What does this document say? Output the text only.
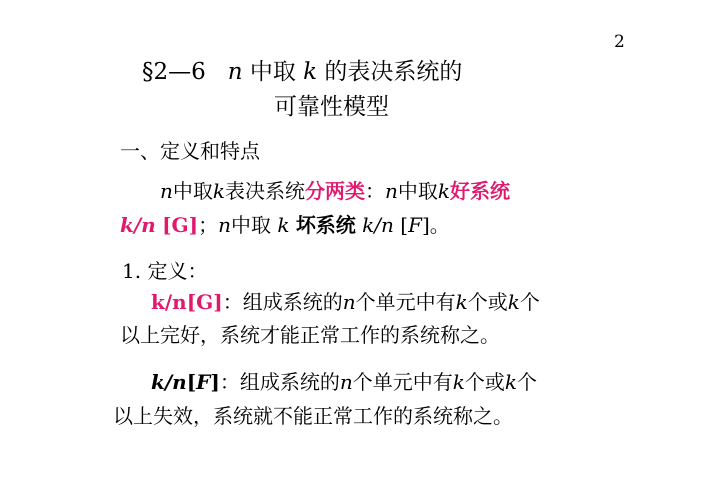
2
§2—6 n 中取 k 的表决系统的
可靠性模型
一、定义和特点
n中取k表决系统分两类：n中取k好系统
k/n [G]；n中取 k 坏系统 k/n [F]。
1. 定义：
k/n[G]：组成系统的n个单元中有k个或k个
以上完好，系统才能正常工作的系统称之。
k/n[F]：组成系统的n个单元中有k个或k个
以上失效，系统就不能正常工作的系统称之。
